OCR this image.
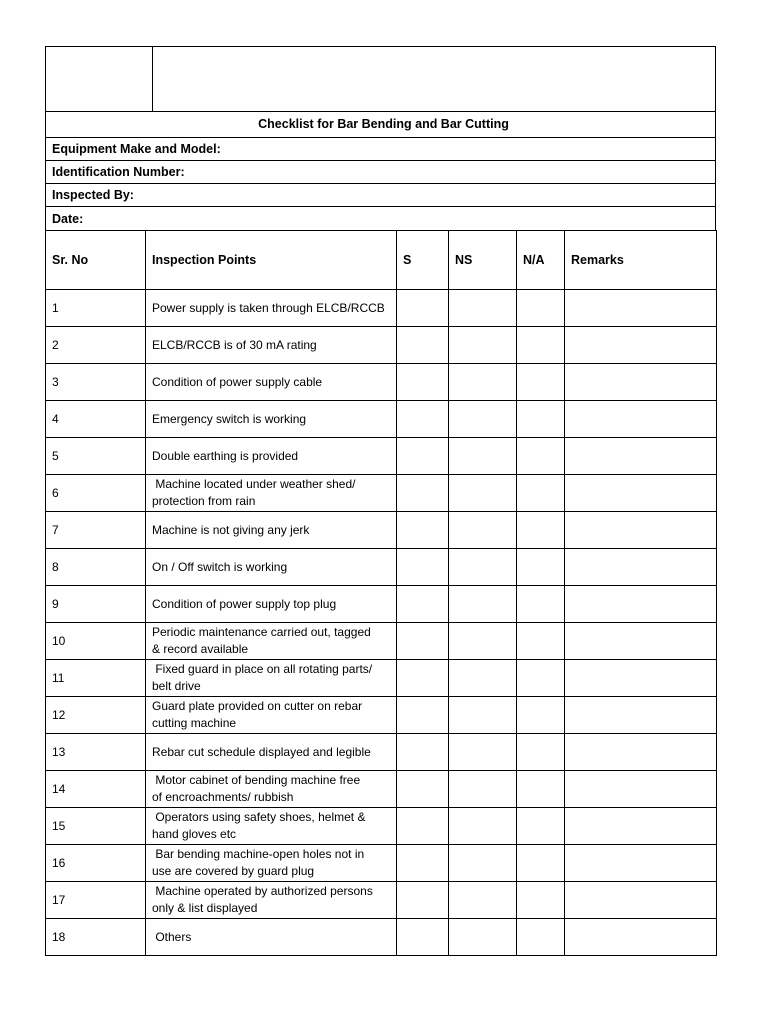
Checklist for Bar Bending and Bar Cutting
Equipment Make and Model:
Identification Number:
Inspected By:
Date:
Sr. No	Inspection Points	S	NS	N/A	Remarks
1	Power supply is taken through ELCB/RCCB				
2	ELCB/RCCB is of 30 mA rating				
3	Condition of power supply cable				
4	Emergency switch is working				
5	Double earthing is provided				
6	Machine located under weather shed/
protection from rain				
7	Machine is not giving any jerk				
8	On / Off switch is working				
9	Condition of power supply top plug				
10	Periodic maintenance carried out, tagged
& record available				
11	Fixed guard in place on all rotating parts/
belt drive				
12	Guard plate provided on cutter on rebar
cutting machine				
13	Rebar cut schedule displayed and legible				
14	Motor cabinet of bending machine free
of encroachments/ rubbish				
15	Operators using safety shoes, helmet &
hand gloves etc				
16	Bar bending machine-open holes not in
use are covered by guard plug				
17	Machine operated by authorized persons
only & list displayed				
18	Others				
